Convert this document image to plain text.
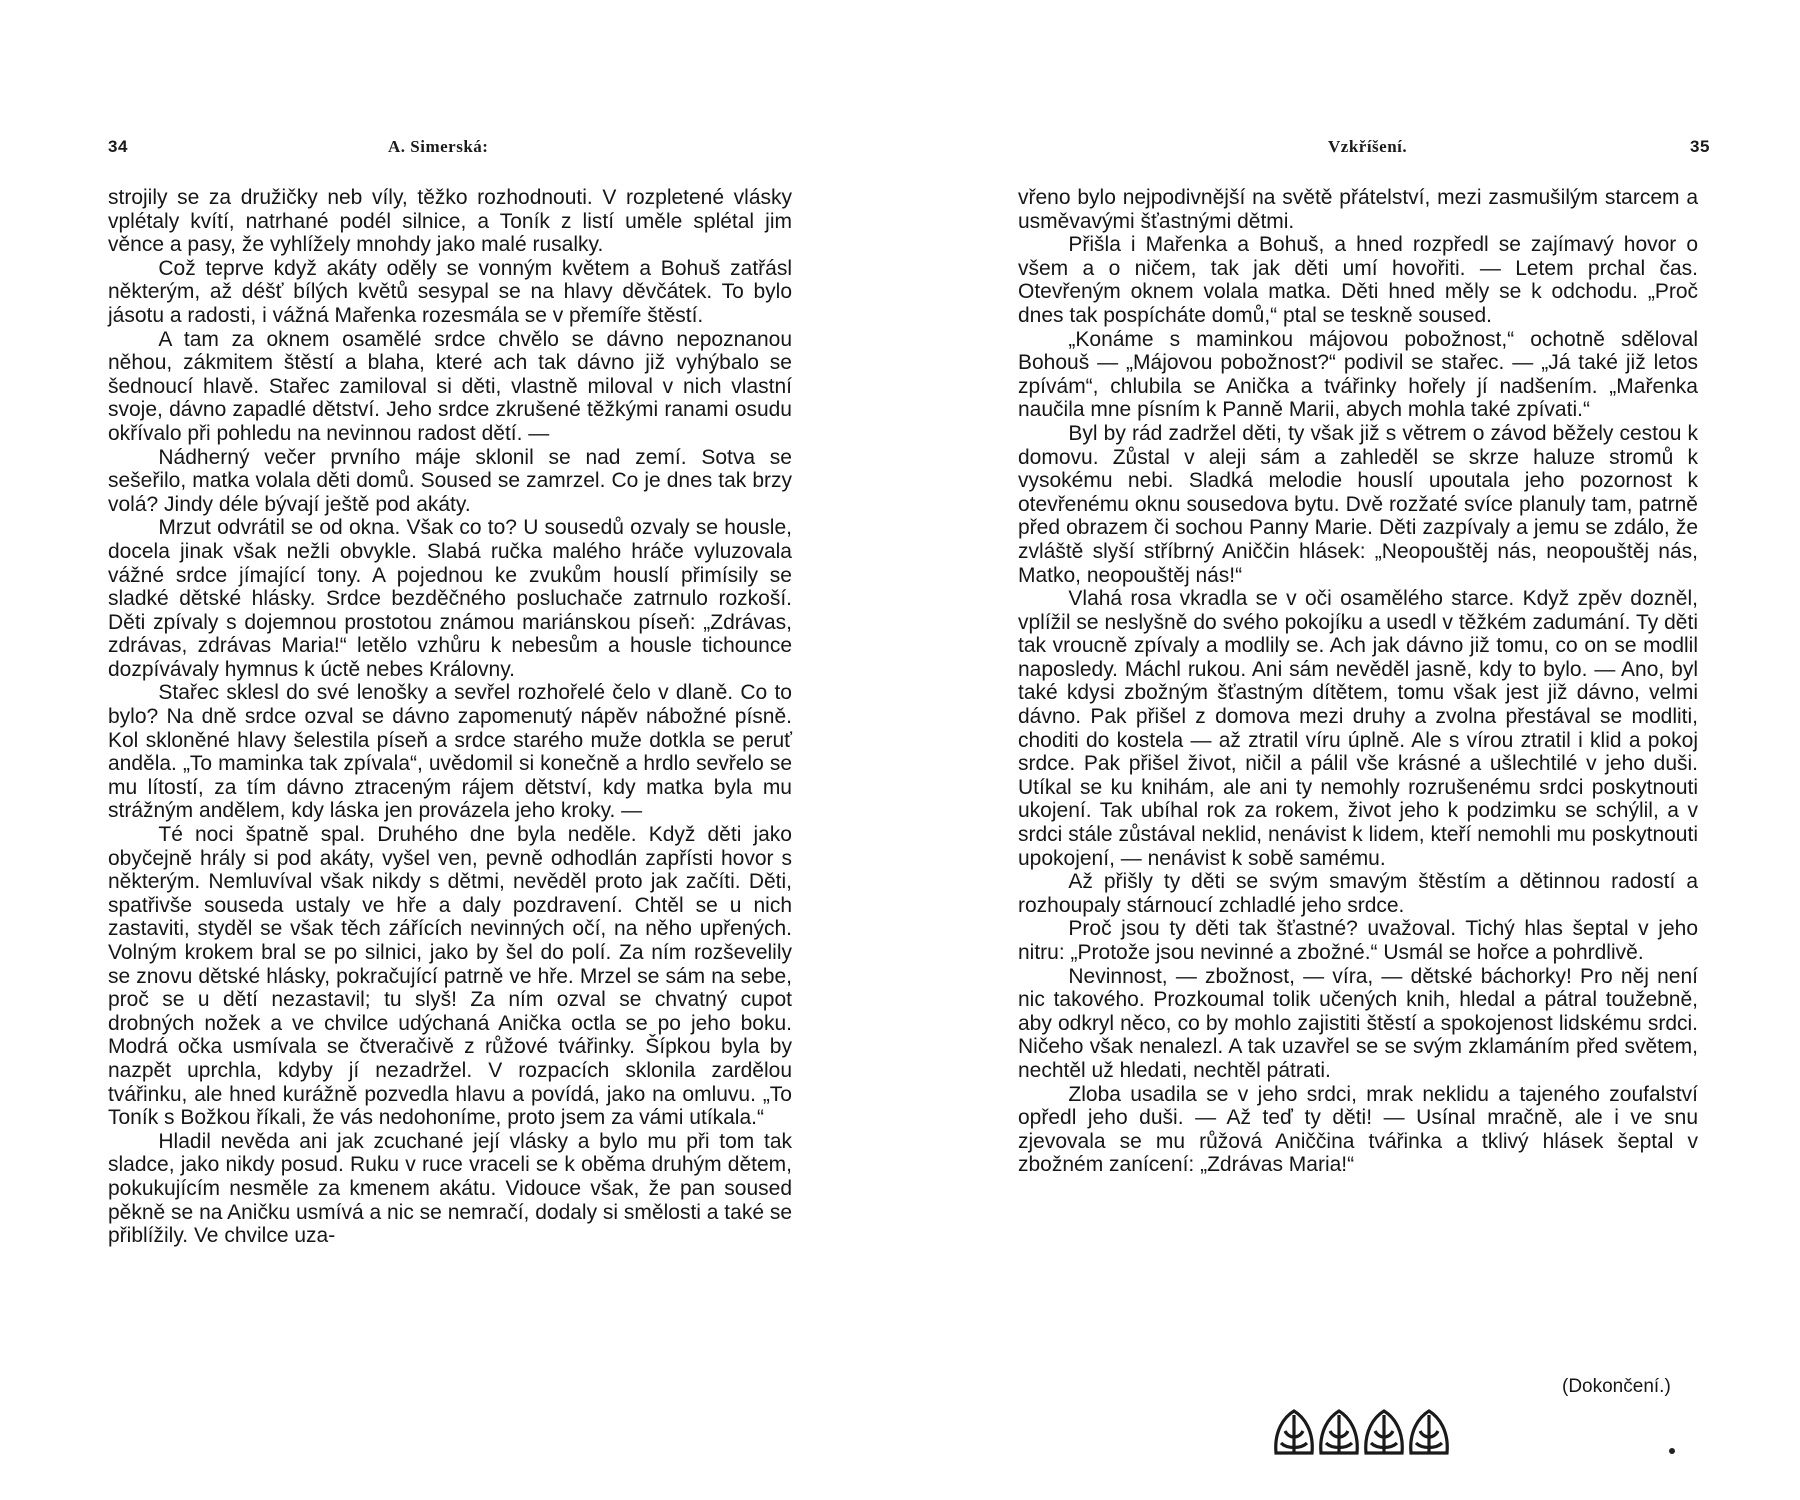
34	A. Simerská:

strojily se za družičky neb víly, těžko rozhodnouti. V rozpletené vlásky vplétaly kvítí, natrhané podél silnice, a Toník z listí uměle splétal jim věnce a pasy, že vyhlížely mnohdy jako malé rusalky.

Což teprve když akáty oděly se vonným květem a Bohuš zatřásl některým, až déšť bílých květů sesypal se na hlavy děvčátek. To bylo jásotu a radosti, i vážná Mařenka rozesmála se v přemíře štěstí.

A tam za oknem osamělé srdce chvělo se dávno nepoznanou něhou, zákmitem štěstí a blaha, které ach tak dávno již vyhýbalo se šednoucí hlavě. Stařec zamiloval si děti, vlastně miloval v nich vlastní svoje, dávno zapadlé dětství. Jeho srdce zkrušené těžkými ranami osudu okřívalo při pohledu na nevinnou radost dětí. —

Nádherný večer prvního máje sklonil se nad zemí. Sotva se sešeřilo, matka volala děti domů. Soused se zamrzel. Co je dnes tak brzy volá? Jindy déle bývají ještě pod akáty.

Mrzut odvrátil se od okna. Však co to? U sousedů ozvaly se housle, docela jinak však nežli obvykle. Slabá ručka malého hráče vyluzovala vážné srdce jímající tony. A pojednou ke zvukům houslí přimísily se sladké dětské hlásky. Srdce bezděčného posluchače zatrnulo rozkoší. Děti zpívaly s dojemnou prostotou známou mariánskou píseň: „Zdrávas, zdrávas, zdrávas Maria!“ letělo vzhůru k nebesům a housle tichounce dozpívávaly hymnus k úctě nebes Královny.

Stařec sklesl do své lenošky a sevřel rozhořelé čelo v dlaně. Co to bylo? Na dně srdce ozval se dávno zapomenutý nápěv nábožné písně. Kol skloněné hlavy šelestila píseň a srdce starého muže dotkla se peruť anděla. „To maminka tak zpívala“, uvědomil si konečně a hrdlo sevřelo se mu lítostí, za tím dávno ztraceným rájem dětství, kdy matka byla mu strážným andělem, kdy láska jen provázela jeho kroky. —

Té noci špatně spal. Druhého dne byla neděle. Když děti jako obyčejně hrály si pod akáty, vyšel ven, pevně odhodlán zapřísti hovor s některým. Nemluvíval však nikdy s dětmi, nevěděl proto jak začíti. Děti, spatřivše souseda ustaly ve hře a daly pozdravení. Chtěl se u nich zastaviti, styděl se však těch zářících nevinných očí, na něho upřených. Volným krokem bral se po silnici, jako by šel do polí. Za ním rozševelily se znovu dětské hlásky, pokračující patrně ve hře. Mrzel se sám na sebe, proč se u dětí nezastavil; tu slyš! Za ním ozval se chvatný cupot drobných nožek a ve chvilce udýchaná Anička octla se po jeho boku. Modrá očka usmívala se čtveračivě z růžové tvářinky. Šípkou byla by nazpět uprchla, kdyby jí nezadržel. V rozpacích sklonila zardělou tvářinku, ale hned kurážně pozvedla hlavu a povídá, jako na omluvu. „To Toník s Božkou říkali, že vás nedohoníme, proto jsem za vámi utíkala.“

Hladil nevěda ani jak zcuchané její vlásky a bylo mu při tom tak sladce, jako nikdy posud. Ruku v ruce vraceli se k oběma druhým dětem, pokukujícím nesměle za kmenem akátu. Vidouce však, že pan soused pěkně se na Aničku usmívá a nic se nemračí, dodaly si smělosti a také se přiblížily. Ve chvilce uza-

Vzkříšení.	35

vřeno bylo nejpodivnější na světě přátelství, mezi zasmušilým starcem a usměvavými šťastnými dětmi.

Přišla i Mařenka a Bohuš, a hned rozpředl se zajímavý hovor o všem a o ničem, tak jak děti umí hovořiti. — Letem prchal čas. Otevřeným oknem volala matka. Děti hned měly se k odchodu. „Proč dnes tak pospícháte domů,“ ptal se teskně soused.

„Konáme s maminkou májovou pobožnost,“ ochotně sděloval Bohouš — „Májovou pobožnost?“ podivil se stařec. — „Já také již letos zpívám“, chlubila se Anička a tvářinky hořely jí nadšením. „Mařenka naučila mne písním k Panně Marii, abych mohla také zpívati.“

Byl by rád zadržel děti, ty však již s větrem o závod běžely cestou k domovu. Zůstal v aleji sám a zahleděl se skrze haluze stromů k vysokému nebi. Sladká melodie houslí upoutala jeho pozornost k otevřenému oknu sousedova bytu. Dvě rozžaté svíce planuly tam, patrně před obrazem či sochou Panny Marie. Děti zazpívaly a jemu se zdálo, že zvláště slyší stříbrný Aniččin hlásek: „Neopouštěj nás, neopouštěj nás, Matko, neopouštěj nás!“

Vlahá rosa vkradla se v oči osamělého starce. Když zpěv dozněl, vplížil se neslyšně do svého pokojíku a usedl v těžkém zadumání. Ty děti tak vroucně zpívaly a modlily se. Ach jak dávno již tomu, co on se modlil naposledy. Máchl rukou. Ani sám nevěděl jasně, kdy to bylo. — Ano, byl také kdysi zbožným šťastným dítětem, tomu však jest již dávno, velmi dávno. Pak přišel z domova mezi druhy a zvolna přestával se modliti, choditi do kostela — až ztratil víru úplně. Ale s vírou ztratil i klid a pokoj srdce. Pak přišel život, ničil a pálil vše krásné a ušlechtilé v jeho duši. Utíkal se ku knihám, ale ani ty nemohly rozrušenému srdci poskytnouti ukojení. Tak ubíhal rok za rokem, život jeho k podzimku se schýlil, a v srdci stále zůstával neklid, nenávist k lidem, kteří nemohli mu poskytnouti upokojení, — nenávist k sobě samému.

Až přišly ty děti se svým smavým štěstím a dětinnou radostí a rozhoupaly stárnoucí zchladlé jeho srdce.

Proč jsou ty děti tak šťastné? uvažoval. Tichý hlas šeptal v jeho nitru: „Protože jsou nevinné a zbožné.“ Usmál se hořce a pohrdlivě.

Nevinnost, — zbožnost, — víra, — dětské báchorky! Pro něj není nic takového. Prozkoumal tolik učených knih, hledal a pátral toužebně, aby odkryl něco, co by mohlo zajistiti štěstí a spokojenost lidskému srdci. Ničeho však nenalezl. A tak uzavřel se se svým zklamáním před světem, nechtěl už hledati, nechtěl pátrati.

Zloba usadila se v jeho srdci, mrak neklidu a tajeného zoufalství opředl jeho duši. — Až teď ty děti! — Usínal mračně, ale i ve snu zjevovala se mu růžová Aniččina tvářinka a tklivý hlásek šeptal v zbožném zanícení: „Zdrávas Maria!“

(Dokončení.)
